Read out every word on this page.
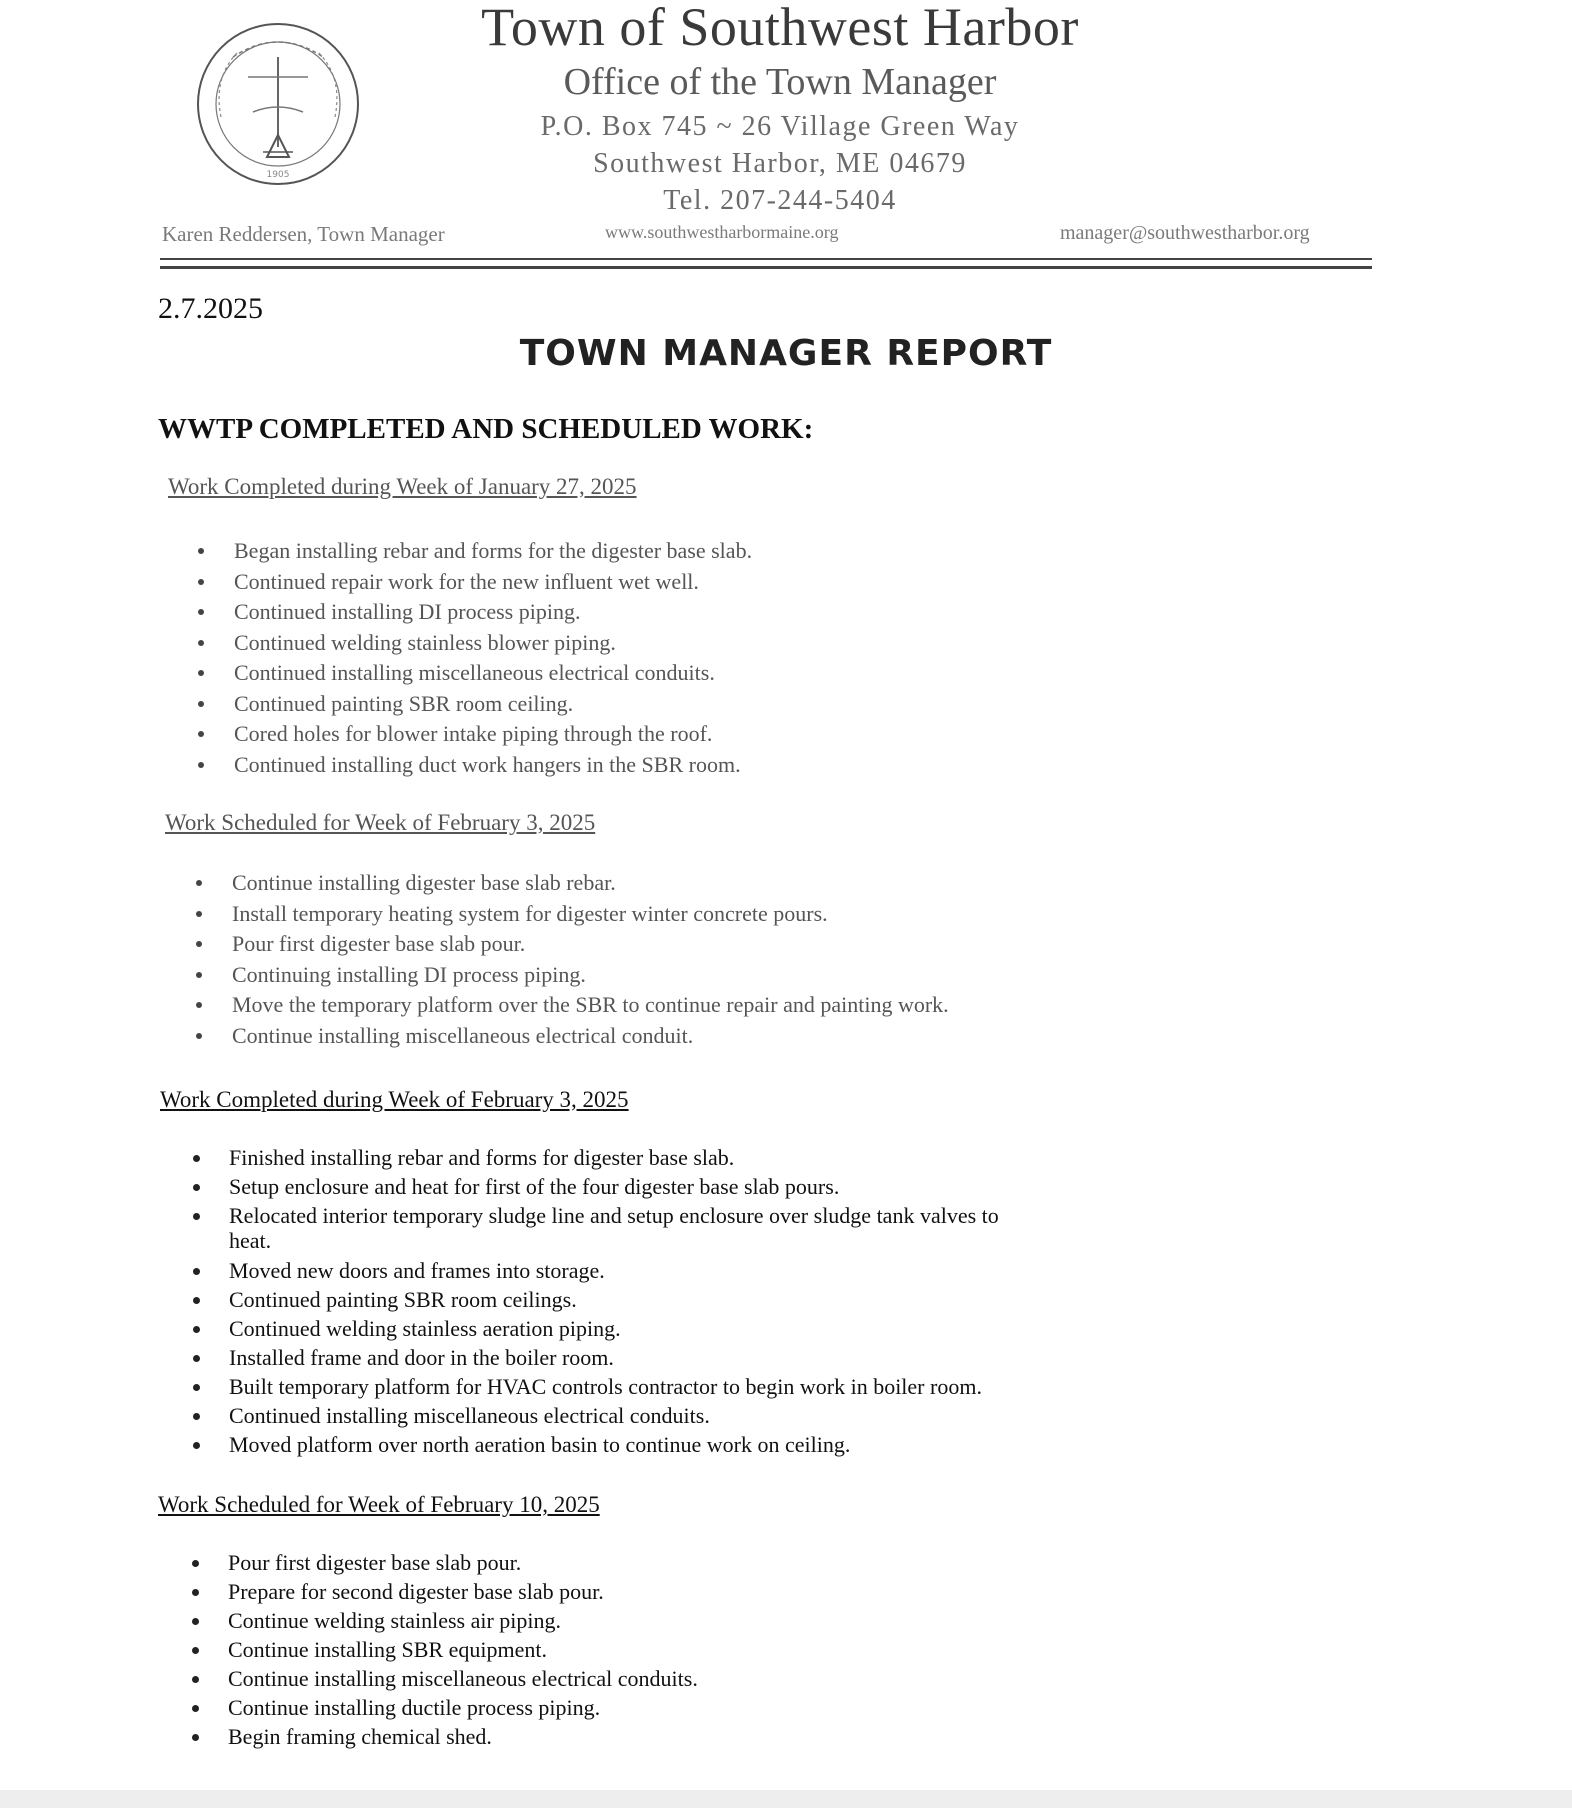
1905
Town of Southwest Harbor
Office of the Town Manager
P.O. Box 745 ~ 26 Village Green Way
Southwest Harbor, ME 04679
Tel. 207-244-5404
Karen Reddersen, Town Manager	www.southwestharbormaine.org	manager@southwestharbor.org
2.7.2025
TOWN MANAGER REPORT
WWTP COMPLETED AND SCHEDULED WORK:
Work Completed during Week of January 27, 2025
Began installing rebar and forms for the digester base slab.
Continued repair work for the new influent wet well.
Continued installing DI process piping.
Continued welding stainless blower piping.
Continued installing miscellaneous electrical conduits.
Continued painting SBR room ceiling.
Cored holes for blower intake piping through the roof.
Continued installing duct work hangers in the SBR room.
Work Scheduled for Week of February 3, 2025
Continue installing digester base slab rebar.
Install temporary heating system for digester winter concrete pours.
Pour first digester base slab pour.
Continuing installing DI process piping.
Move the temporary platform over the SBR to continue repair and painting work.
Continue installing miscellaneous electrical conduit.
Work Completed during Week of February 3, 2025
Finished installing rebar and forms for digester base slab.
Setup enclosure and heat for first of the four digester base slab pours.
Relocated interior temporary sludge line and setup enclosure over sludge tank valves to
heat.
Moved new doors and frames into storage.
Continued painting SBR room ceilings.
Continued welding stainless aeration piping.
Installed frame and door in the boiler room.
Built temporary platform for HVAC controls contractor to begin work in boiler room.
Continued installing miscellaneous electrical conduits.
Moved platform over north aeration basin to continue work on ceiling.
Work Scheduled for Week of February 10, 2025
Pour first digester base slab pour.
Prepare for second digester base slab pour.
Continue welding stainless air piping.
Continue installing SBR equipment.
Continue installing miscellaneous electrical conduits.
Continue installing ductile process piping.
Begin framing chemical shed.
